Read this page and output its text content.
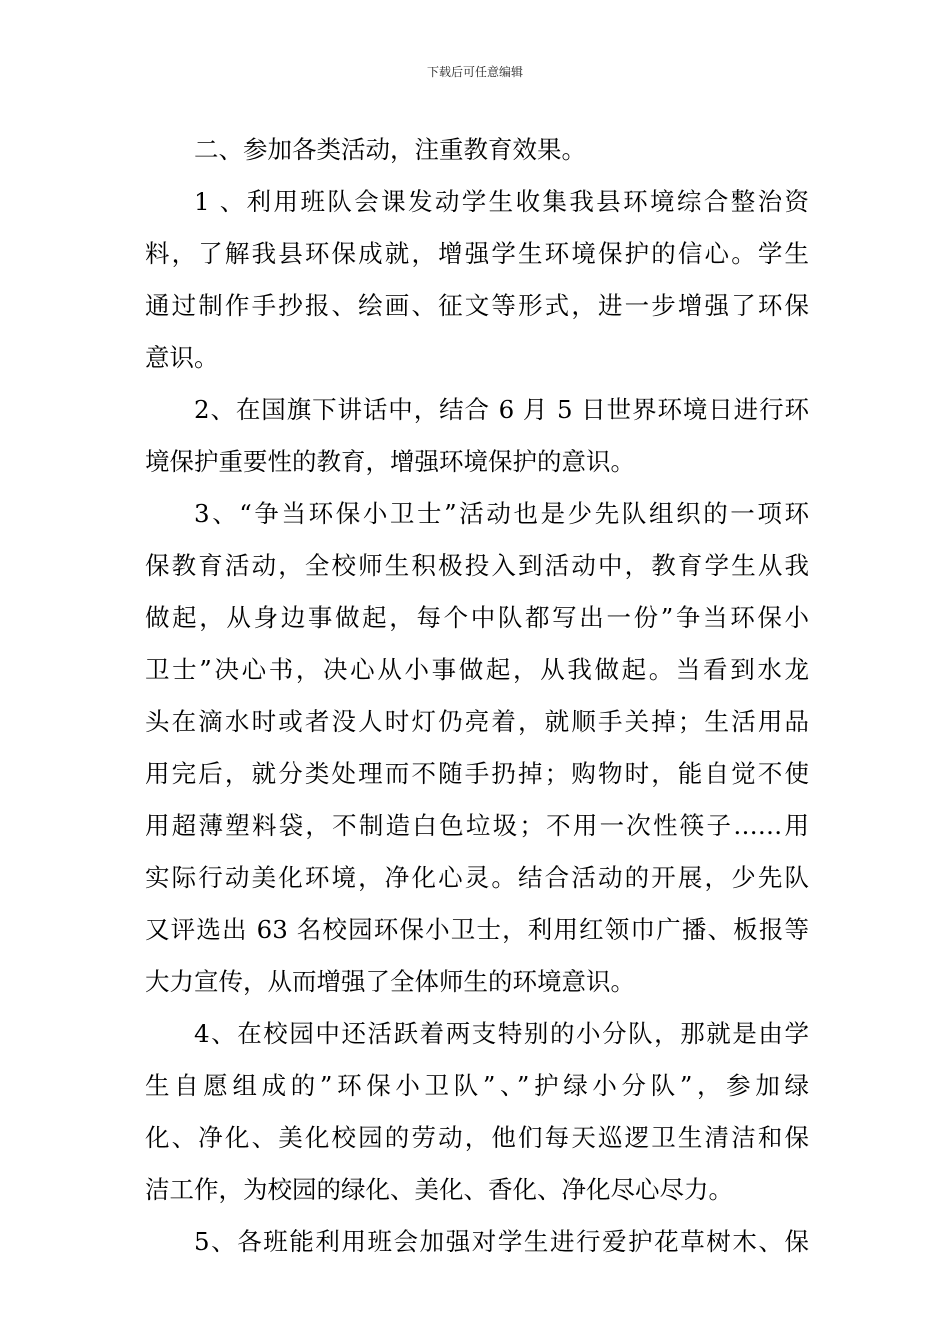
下载后可任意编辑
二、参加各类活动，注重教育效果。
1 、利用班队会课发动学生收集我县环境综合整治资
料，了解我县环保成就，增强学生环境保护的信心。学生
通过制作手抄报、绘画、征文等形式，进一步增强了环保
意识。
2、在国旗下讲话中，结合 6 月 5 日世界环境日进行环
境保护重要性的教育，增强环境保护的意识。
3、“争当环保小卫士”活动也是少先队组织的一项环
保教育活动，全校师生积极投入到活动中，教育学生从我
做起，从身边事做起，每个中队都写出一份”争当环保小
卫士”决心书，决心从小事做起，从我做起。当看到水龙
头在滴水时或者没人时灯仍亮着，就顺手关掉；生活用品
用完后，就分类处理而不随手扔掉；购物时，能自觉不使
用超薄塑料袋，不制造白色垃圾；不用一次性筷子……用
实际行动美化环境，净化心灵。结合活动的开展，少先队
又评选出 63 名校园环保小卫士，利用红领巾广播、板报等
大力宣传，从而增强了全体师生的环境意识。
4、在校园中还活跃着两支特别的小分队，那就是由学
生自愿组成的”环保小卫队”、”护绿小分队”，参加绿
化、净化、美化校园的劳动，他们每天巡逻卫生清洁和保
洁工作，为校园的绿化、美化、香化、净化尽心尽力。
5、各班能利用班会加强对学生进行爱护花草树木、保
